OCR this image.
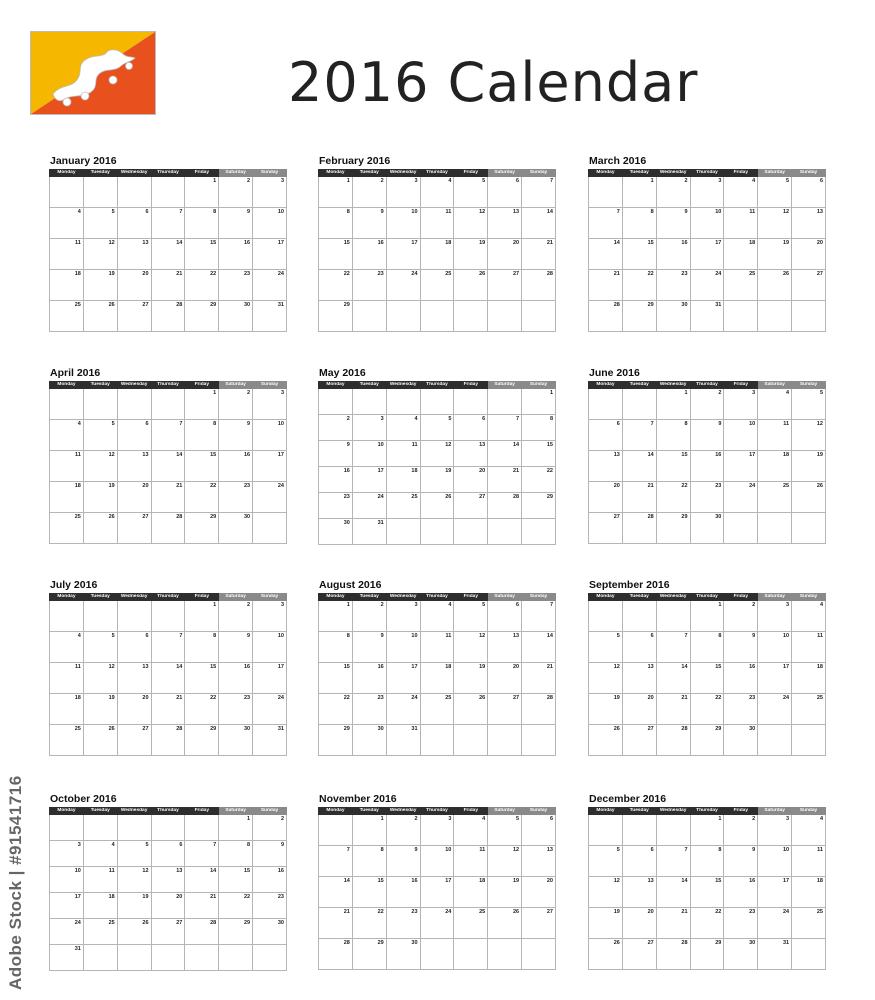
2016 Calendar
Adobe Stock | #91541716
January 2016
Monday	Tuesday	Wednesday	Thursday	Friday	Saturday	Sunday
				1	2	3
4	5	6	7	8	9	10
11	12	13	14	15	16	17
18	19	20	21	22	23	24
25	26	27	28	29	30	31
February 2016
Monday	Tuesday	Wednesday	Thursday	Friday	Saturday	Sunday
1	2	3	4	5	6	7
8	9	10	11	12	13	14
15	16	17	18	19	20	21
22	23	24	25	26	27	28
29						
March 2016
Monday	Tuesday	Wednesday	Thursday	Friday	Saturday	Sunday
	1	2	3	4	5	6
7	8	9	10	11	12	13
14	15	16	17	18	19	20
21	22	23	24	25	26	27
28	29	30	31			
April 2016
Monday	Tuesday	Wednesday	Thursday	Friday	Saturday	Sunday
				1	2	3
4	5	6	7	8	9	10
11	12	13	14	15	16	17
18	19	20	21	22	23	24
25	26	27	28	29	30	
May 2016
Monday	Tuesday	Wednesday	Thursday	Friday	Saturday	Sunday
						1
2	3	4	5	6	7	8
9	10	11	12	13	14	15
16	17	18	19	20	21	22
23	24	25	26	27	28	29
30	31					
June 2016
Monday	Tuesday	Wednesday	Thursday	Friday	Saturday	Sunday
		1	2	3	4	5
6	7	8	9	10	11	12
13	14	15	16	17	18	19
20	21	22	23	24	25	26
27	28	29	30			
July 2016
Monday	Tuesday	Wednesday	Thursday	Friday	Saturday	Sunday
				1	2	3
4	5	6	7	8	9	10
11	12	13	14	15	16	17
18	19	20	21	22	23	24
25	26	27	28	29	30	31
August 2016
Monday	Tuesday	Wednesday	Thursday	Friday	Saturday	Sunday
1	2	3	4	5	6	7
8	9	10	11	12	13	14
15	16	17	18	19	20	21
22	23	24	25	26	27	28
29	30	31				
September 2016
Monday	Tuesday	Wednesday	Thursday	Friday	Saturday	Sunday
			1	2	3	4
5	6	7	8	9	10	11
12	13	14	15	16	17	18
19	20	21	22	23	24	25
26	27	28	29	30		
October 2016
Monday	Tuesday	Wednesday	Thursday	Friday	Saturday	Sunday
					1	2
3	4	5	6	7	8	9
10	11	12	13	14	15	16
17	18	19	20	21	22	23
24	25	26	27	28	29	30
31						
November 2016
Monday	Tuesday	Wednesday	Thursday	Friday	Saturday	Sunday
	1	2	3	4	5	6
7	8	9	10	11	12	13
14	15	16	17	18	19	20
21	22	23	24	25	26	27
28	29	30				
December 2016
Monday	Tuesday	Wednesday	Thursday	Friday	Saturday	Sunday
			1	2	3	4
5	6	7	8	9	10	11
12	13	14	15	16	17	18
19	20	21	22	23	24	25
26	27	28	29	30	31	
